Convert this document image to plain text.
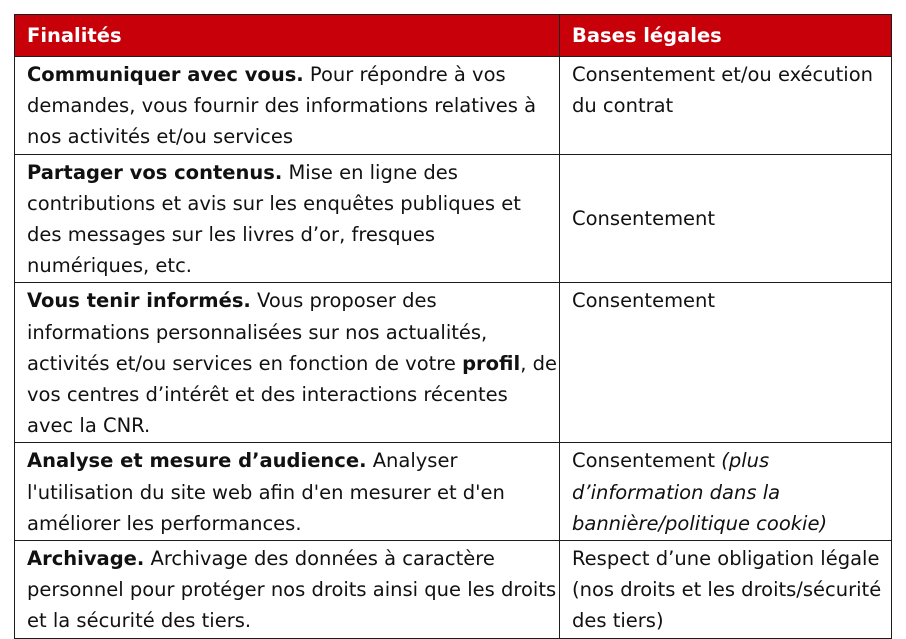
Finalités	Bases légales
Communiquer avec vous. Pour répondre à vos demandes, vous fournir des informations relatives à nos activités et/ou services	Consentement et/ou exécution du contrat
Partager vos contenus. Mise en ligne des contributions et avis sur les enquêtes publiques et des messages sur les livres d’or, fresques numériques, etc.	Consentement
Vous tenir informés. Vous proposer des informations personnalisées sur nos actualités, activités et/ou services en fonction de votre profil, de vos centres d’intérêt et des interactions récentes avec la CNR.	Consentement
Analyse et mesure d’audience. Analyser l'utilisation du site web afin d'en mesurer et d'en améliorer les performances.	Consentement (plus d’information dans la bannière/politique cookie)
Archivage. Archivage des données à caractère personnel pour protéger nos droits ainsi que les droits et la sécurité des tiers.	Respect d’une obligation légale (nos droits et les droits/sécurité des tiers)
